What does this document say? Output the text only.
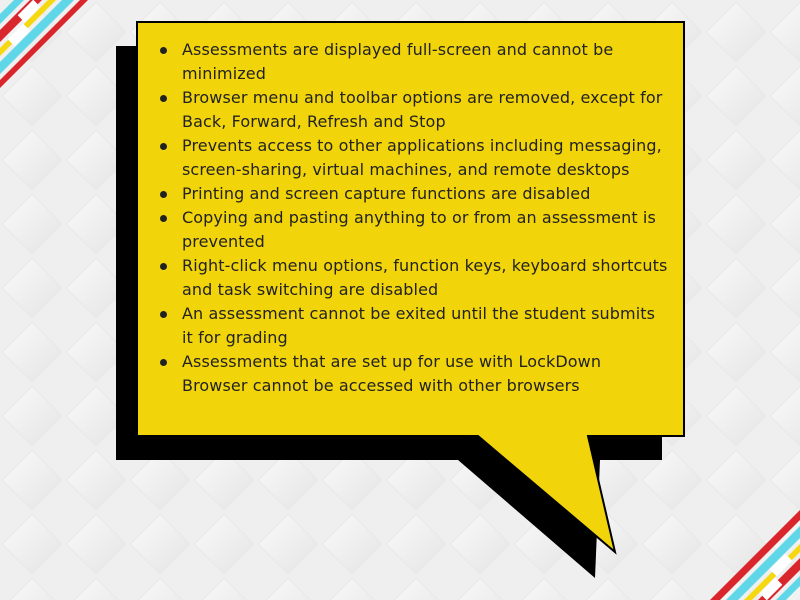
Assessments are displayed full-screen and cannot be minimized
Browser menu and toolbar options are removed, except for Back, Forward, Refresh and Stop
Prevents access to other applications including messaging, screen-sharing, virtual machines, and remote desktops
Printing and screen capture functions are disabled
Copying and pasting anything to or from an assessment is prevented
Right-click menu options, function keys, keyboard shortcuts and task switching are disabled
An assessment cannot be exited until the student submits it for grading
Assessments that are set up for use with LockDown Browser cannot be accessed with other browsers
